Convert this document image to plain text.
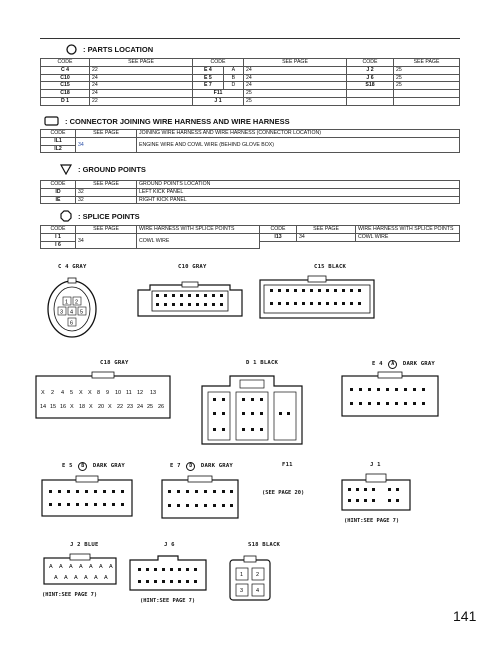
: PARTS LOCATION
CODE	SEE PAGE	CODE		SEE PAGE	CODE	SEE PAGE
C 4	22	E 4	A	24	J 2	25
C10	24	E 5	B	24	J 6	25
C15	24	E 7	D	24	S18	25
C18	24	F11		25		
D 1	22	J 1		25		
: CONNECTOR JOINING WIRE HARNESS AND WIRE HARNESS
CODE	SEE PAGE	JOINING WIRE HARNESS AND WIRE HARNESS (CONNECTOR LOCATION)
IL1	34	ENGINE WIRE AND COWL WIRE (BEHIND GLOVE BOX)
IL2		
: GROUND POINTS
CODE	SEE PAGE	GROUND POINTS LOCATION
ID	32	LEFT KICK PANEL
IE	32	RIGHT KICK PANEL
: SPLICE POINTS
CODE	SEE PAGE	WIRE HARNESS WITH SPLICE POINTS	CODE	SEE PAGE	WIRE HARNESS WITH SPLICE POINTS
I 1	34	COWL WIRE	I13	34	COWL WIRE
I 6					
C 4 GRAY
1 2
3 4 5
6
C10 GRAY	C15 BLACK
C18 GRAY
X 2 4 5 X X 8 9 10 11 12 13
14 15 16 X 18 X 20 X 22 23 24 25 26
D 1 BLACK	E 4 A DARK GRAY
E 5 B DARK GRAY	E 7 D DARK GRAY	F11
(SEE PAGE 20)
J 1
(HINT:SEE PAGE 7)
J 2 BLUE
A A A A A A A
A A A A A A
(HINT:SEE PAGE 7)
J 6
(HINT:SEE PAGE 7)
S18 BLACK
1 2
3 4
141
